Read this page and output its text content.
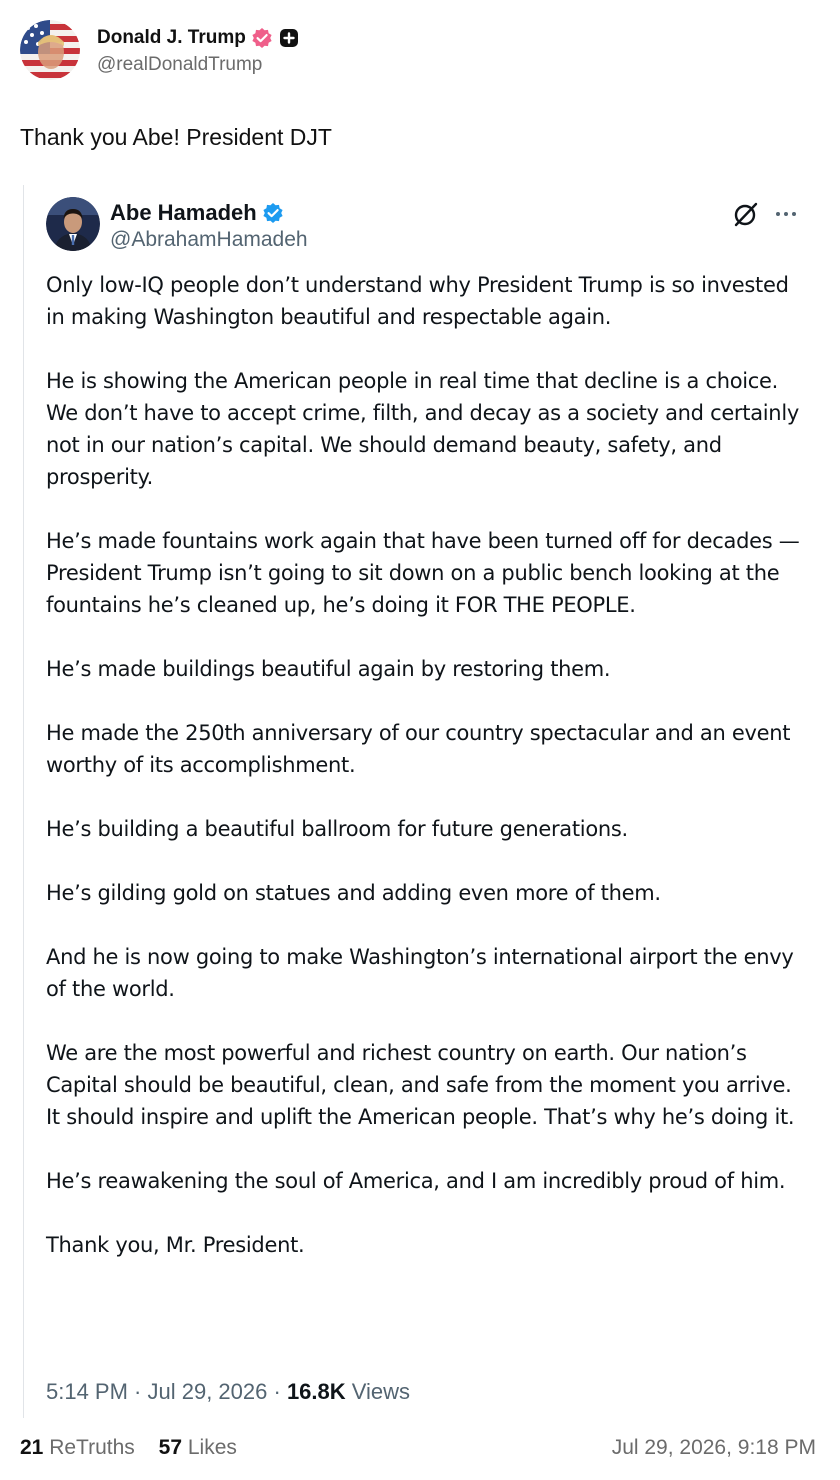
Donald J. Trump
@realDonaldTrump
Thank you Abe! President DJT
Abe Hamadeh
@AbrahamHamadeh

Only low-IQ people don’t understand why President Trump is so invested in making Washington beautiful and respectable again.

He is showing the American people in real time that decline is a choice. We don’t have to accept crime, filth, and decay as a society and certainly not in our nation’s capital. We should demand beauty, safety, and prosperity.

He’s made fountains work again that have been turned off for decades — President Trump isn’t going to sit down on a public bench looking at the fountains he’s cleaned up, he’s doing it FOR THE PEOPLE.

He’s made buildings beautiful again by restoring them.

He made the 250th anniversary of our country spectacular and an event worthy of its accomplishment.

He’s building a beautiful ballroom for future generations.

He’s gilding gold on statues and adding even more of them.

And he is now going to make Washington’s international airport the envy of the world.

We are the most powerful and richest country on earth. Our nation’s Capital should be beautiful, clean, and safe from the moment you arrive. It should inspire and uplift the American people. That’s why he’s doing it.

He’s reawakening the soul of America, and I am incredibly proud of him.

Thank you, Mr. President.

5:14 PM · Jul 29, 2026 · 16.8K Views
21 ReTruths 57 Likes	Jul 29, 2026, 9:18 PM
